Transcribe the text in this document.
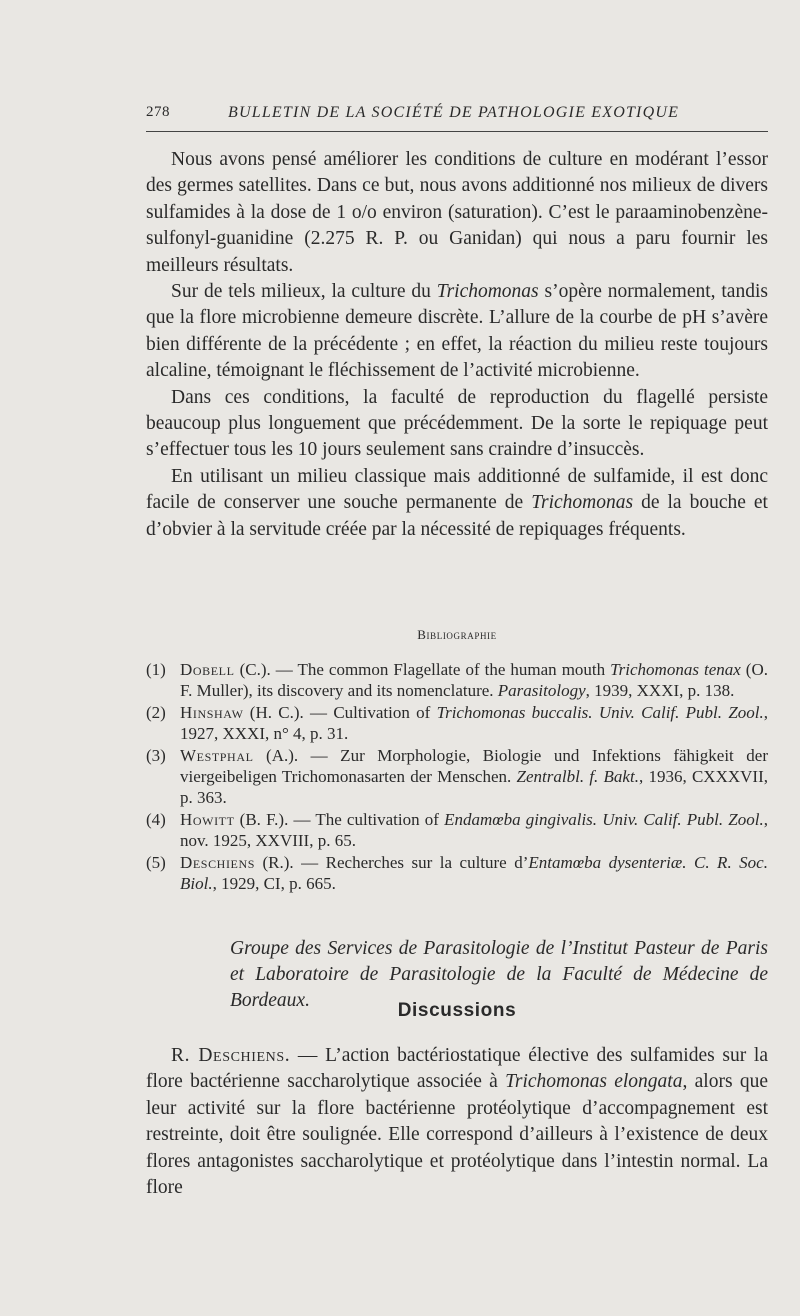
278	BULLETIN DE LA SOCIÉTÉ DE PATHOLOGIE EXOTIQUE

Nous avons pensé améliorer les conditions de culture en modérant l’essor des germes satellites. Dans ce but, nous avons additionné nos milieux de divers sulfamides à la dose de 1 o/o environ (saturation). C’est le paraaminobenzène-sulfonyl-guanidine (2.275 R. P. ou Ganidan) qui nous a paru fournir les meilleurs résultats.

Sur de tels milieux, la culture du Trichomonas s’opère normalement, tandis que la flore microbienne demeure discrète. L’allure de la courbe de pH s’avère bien différente de la précédente ; en effet, la réaction du milieu reste toujours alcaline, témoignant le fléchissement de l’activité microbienne.

Dans ces conditions, la faculté de reproduction du flagellé persiste beaucoup plus longuement que précédemment. De la sorte le repiquage peut s’effectuer tous les 10 jours seulement sans craindre d’insuccès.

En utilisant un milieu classique mais additionné de sulfamide, il est donc facile de conserver une souche permanente de Trichomonas de la bouche et d’obvier à la servitude créée par la nécessité de repiquages fréquents.

Bibliographie

(1) Dobell (C.). — The common Flagellate of the human mouth Trichomonas tenax (O. F. Muller), its discovery and its nomenclature. Parasitology, 1939, XXXI, p. 138.

(2) Hinshaw (H. C.). — Cultivation of Trichomonas buccalis. Univ. Calif. Publ. Zool., 1927, XXXI, n° 4, p. 31.

(3) Westphal (A.). — Zur Morphologie, Biologie und Infektions fähigkeit der viergeibeligen Trichomonasarten der Menschen. Zentralbl. f. Bakt., 1936, CXXXVII, p. 363.

(4) Howitt (B. F.). — The cultivation of Endamœba gingivalis. Univ. Calif. Publ. Zool., nov. 1925, XXVIII, p. 65.

(5) Deschiens (R.). — Recherches sur la culture d’Entamœba dysenteriæ. C. R. Soc. Biol., 1929, CI, p. 665.

Groupe des Services de Parasitologie de l’Institut Pasteur de Paris et Laboratoire de Parasitologie de la Faculté de Médecine de Bordeaux.	Discussions

R. Deschiens. — L’action bactériostatique élective des sulfamides sur la flore bactérienne saccharolytique associée à Trichomonas elongata, alors que leur activité sur la flore bactérienne protéolytique d’accompagnement est restreinte, doit être soulignée. Elle correspond d’ailleurs à l’existence de deux flores antagonistes saccharolytique et protéolytique dans l’intestin normal. La flore
